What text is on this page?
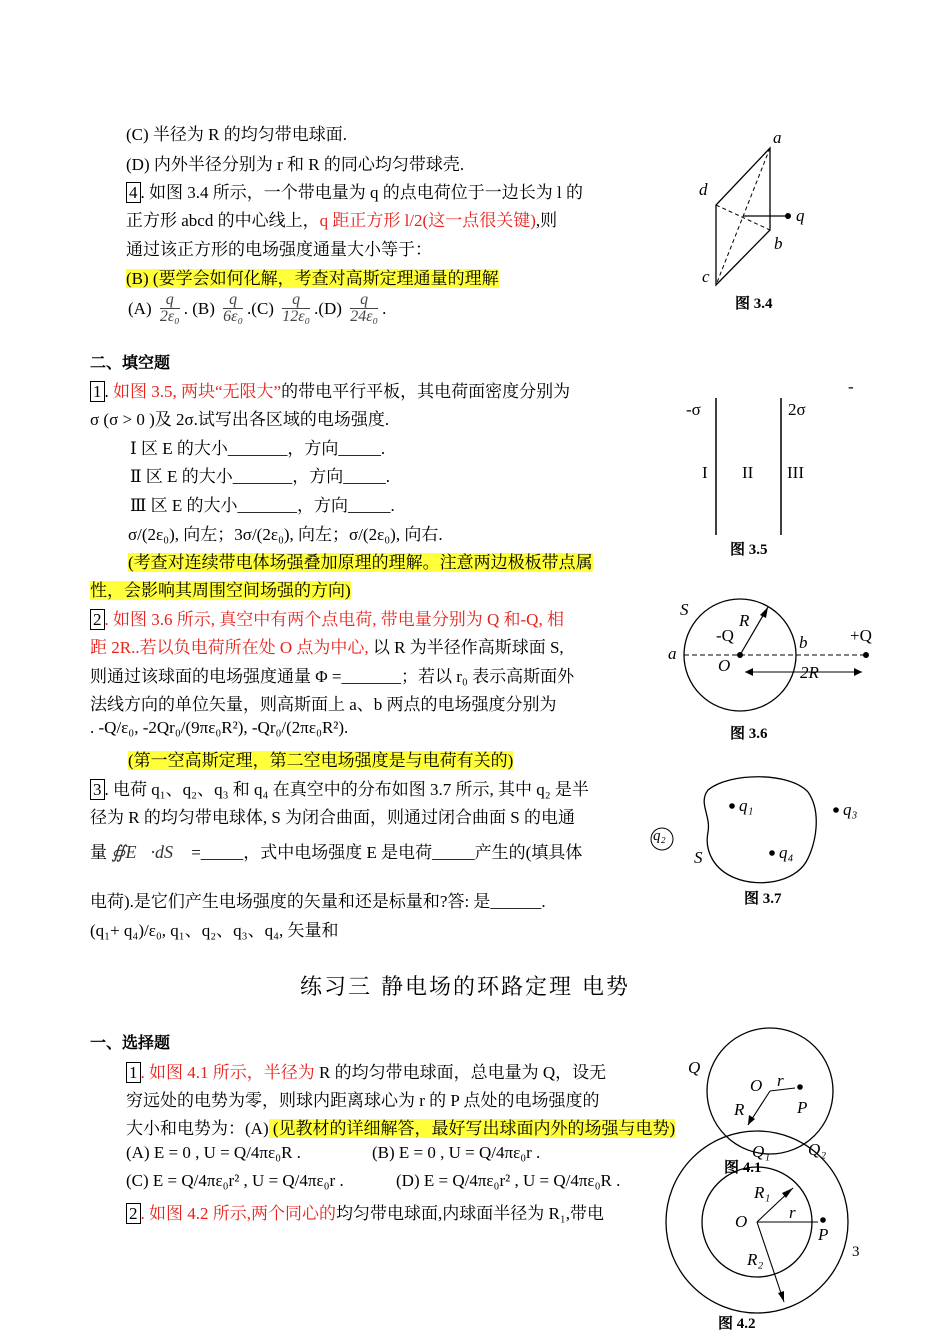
(C) 半径为 R 的均匀带电球面.
(D) 内外半径分别为 r 和 R 的同心均匀带球壳.
4 . 如图 3.4 所示，一个带电量为 q 的点电荷位于一边长为 l 的
正方形 abcd 的中心线上，q 距正方形 l/2(这一点很关键),则
通过该正方形的电场强度通量大小等于：
(B) (要学会如何化解，考查对高斯定理通量的理解
$(A) \frac{q}{\text{2ε₀}}$ . $(B) \frac{q}{\text{6ε₀}} .(C) \frac{q}{\text{12ε₀}} .(D) \frac{q}{\text{24ε₀}}$ .
二、填空题
1 . 如图 3.5, 两块“无限大”的带电平行平板，其电荷面密度分别为	-
σ (σ > 0 )及 2σ.试写出各区域的电场强度.
Ⅰ 区 E 的大小_______，方向_____.
Ⅱ 区 E 的大小_______，方向_____.
Ⅲ 区 E 的大小_______，方向_____.
σ/(2ε₀), 向左；3σ/(2ε₀), 向左；σ/(2ε₀), 向右.
(考查对连续带电体场强叠加原理的理解。注意两边极板带点属
性，会影响其周围空间场强的方向)
2 . 如图 3.6 所示, 真空中有两个点电荷, 带电量分别为 Q 和-Q, 相
距 2R..若以负电荷所在处 O 点为中心, 以 R 为半径作高斯球面 S,
则通过该球面的电场强度通量 Φ =_______；若以 r₀ 表示高斯面外
法线方向的单位矢量，则高斯面上 a、b 两点的电场强度分别为
. -Q/ε₀, -2Qr₀/(9πε₀R²), -Qr₀/(2πε₀R²).
(第一空高斯定理，第二空电场强度是与电荷有关的)
3 . 电荷 q₁、q₂、q₃ 和 q₄ 在真空中的分布如图 3.7 所示, 其中 q₂ 是半
径为 R 的均匀带电球体, S 为闭合曲面，则通过闭合曲面 S 的电通
量 ∯E⃗·dS⃗ =_____，式中电场强度 E 是电荷_____产生的(填具体
电荷).是它们产生电场强度的矢量和还是标量和?答: 是______.
(q₁+ q₄)/ε₀, q₁、q₂、q₃、q₄, 矢量和
练习三 静电场的环路定理 电势
一、选择题
1 . 如图 4.1 所示，半径为 R 的均匀带电球面，总电量为 Q，设无
穷远处的电势为零，则球内距离球心为 r 的 P 点处的电场强度的
大小和电势为：(A) (见教材的详细解答，最好写出球面内外的场强与电势)
(A) E = 0 , U = Q/4πε₀R .	(B) E = 0 , U = Q/4πε₀r .
(C) E = Q/4πε₀r² , U = Q/4πε₀r .	(D) E = Q/4πε₀r² , U = Q/4πε₀R .
2 . 如图 4.2 所示,两个同心的均匀带电球面,内球面半径为 R₁,带电
3
a
d
q
b
c
图 3.4
-σ	2σ
I II III
图 3.5
S
R
-Q	+Q
b
a
O	2R
图 3.6
q₁	q₃
q₂
q₄
S
图 3.7
Q
O r
R	P
图 4.1
Q₁ Q₂
R₁
O r
P
R₂
图 4.2
